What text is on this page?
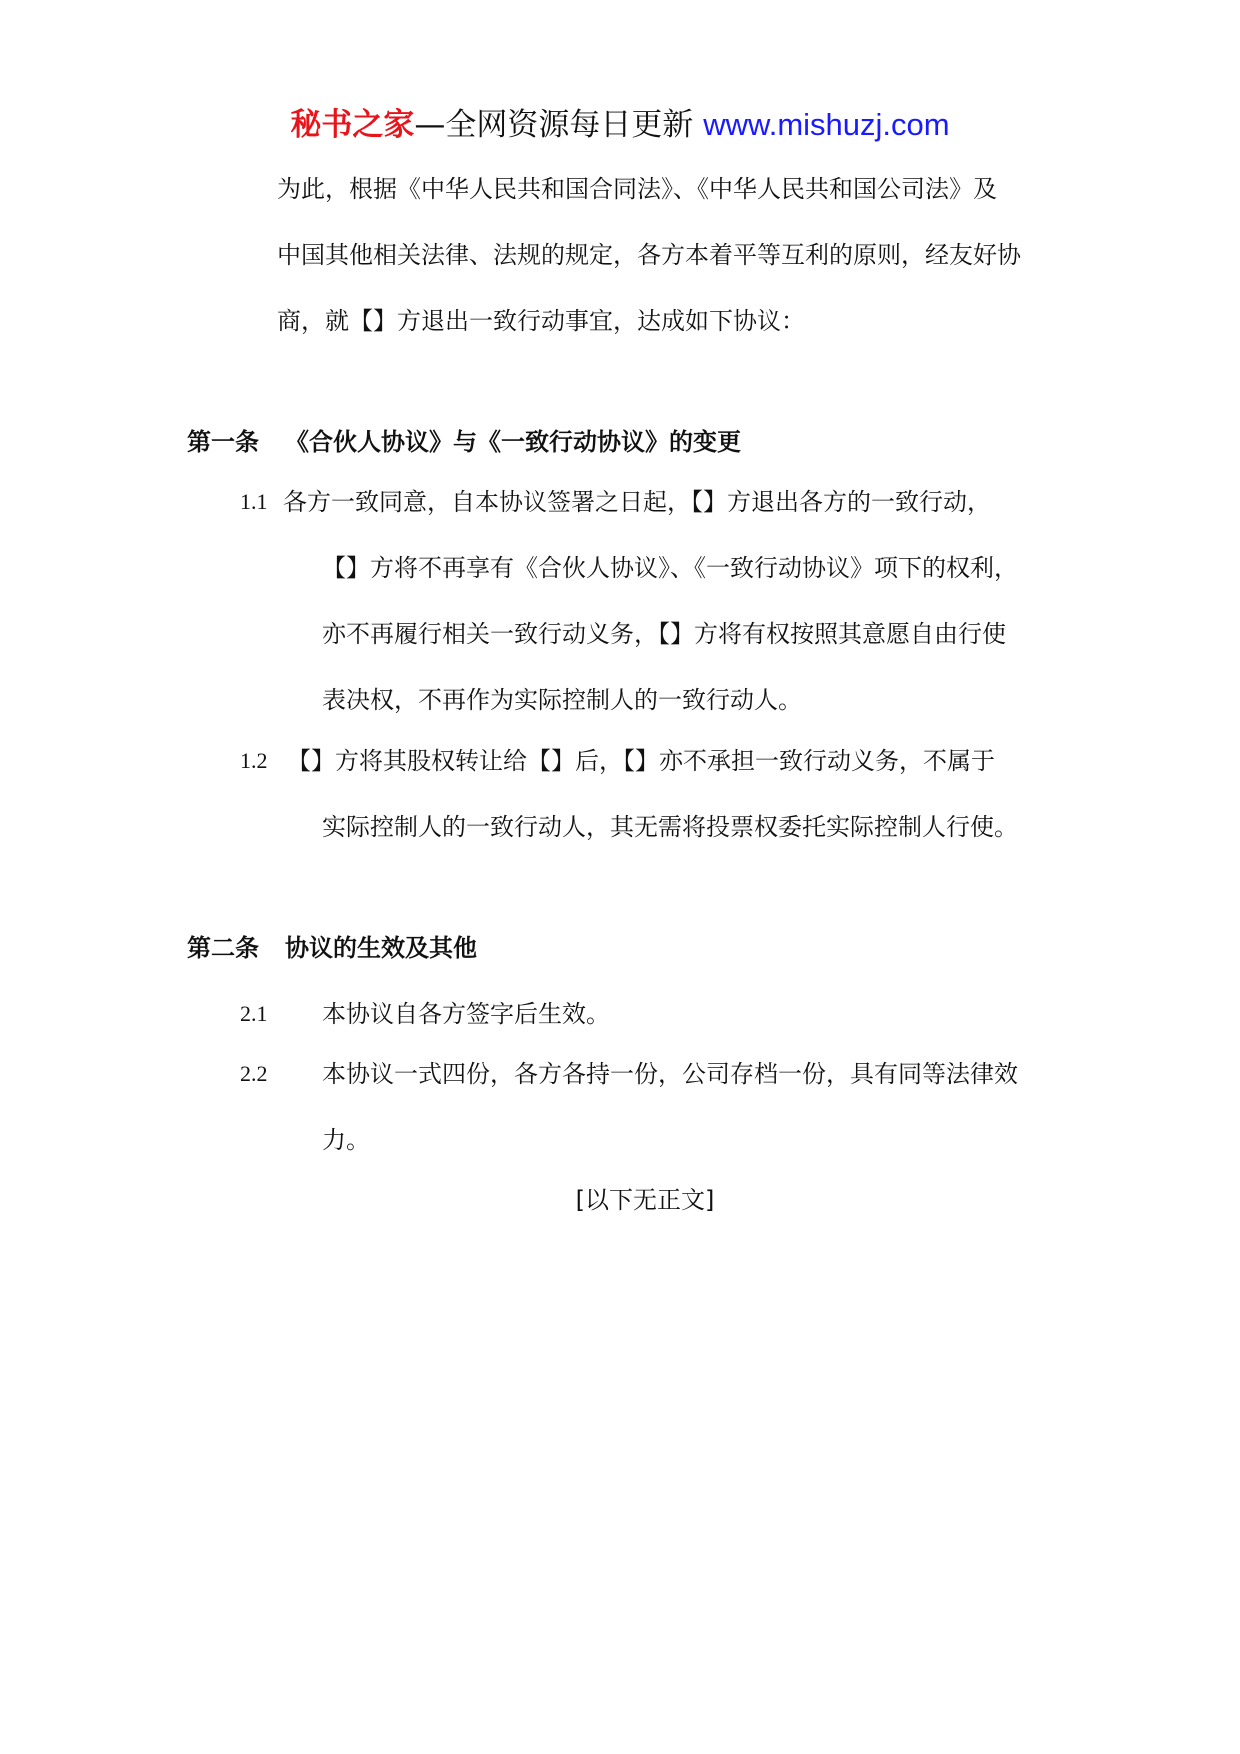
秘书之家—全网资源每日更新 www.mishuzj.com
为此，根据《中华人民共和国合同法》、《中华人民共和国公司法》及
中国其他相关法律、法规的规定，各方本着平等互利的原则，经友好协
商，就【】方退出一致行动事宜，达成如下协议：
第一条 《合伙人协议》与《一致行动协议》的变更
1.1 各方一致同意，自本协议签署之日起，【】方退出各方的一致行动，
【】方将不再享有《合伙人协议》、《一致行动协议》项下的权利，
亦不再履行相关一致行动义务，【】方将有权按照其意愿自由行使
表决权，不再作为实际控制人的一致行动人。
1.2 【】方将其股权转让给【】后，【】亦不承担一致行动义务，不属于
实际控制人的一致行动人，其无需将投票权委托实际控制人行使。
第二条 协议的生效及其他
2.1 本协议自各方签字后生效。
2.2 本协议一式四份，各方各持一份，公司存档一份，具有同等法律效
力。
[以下无正文]
